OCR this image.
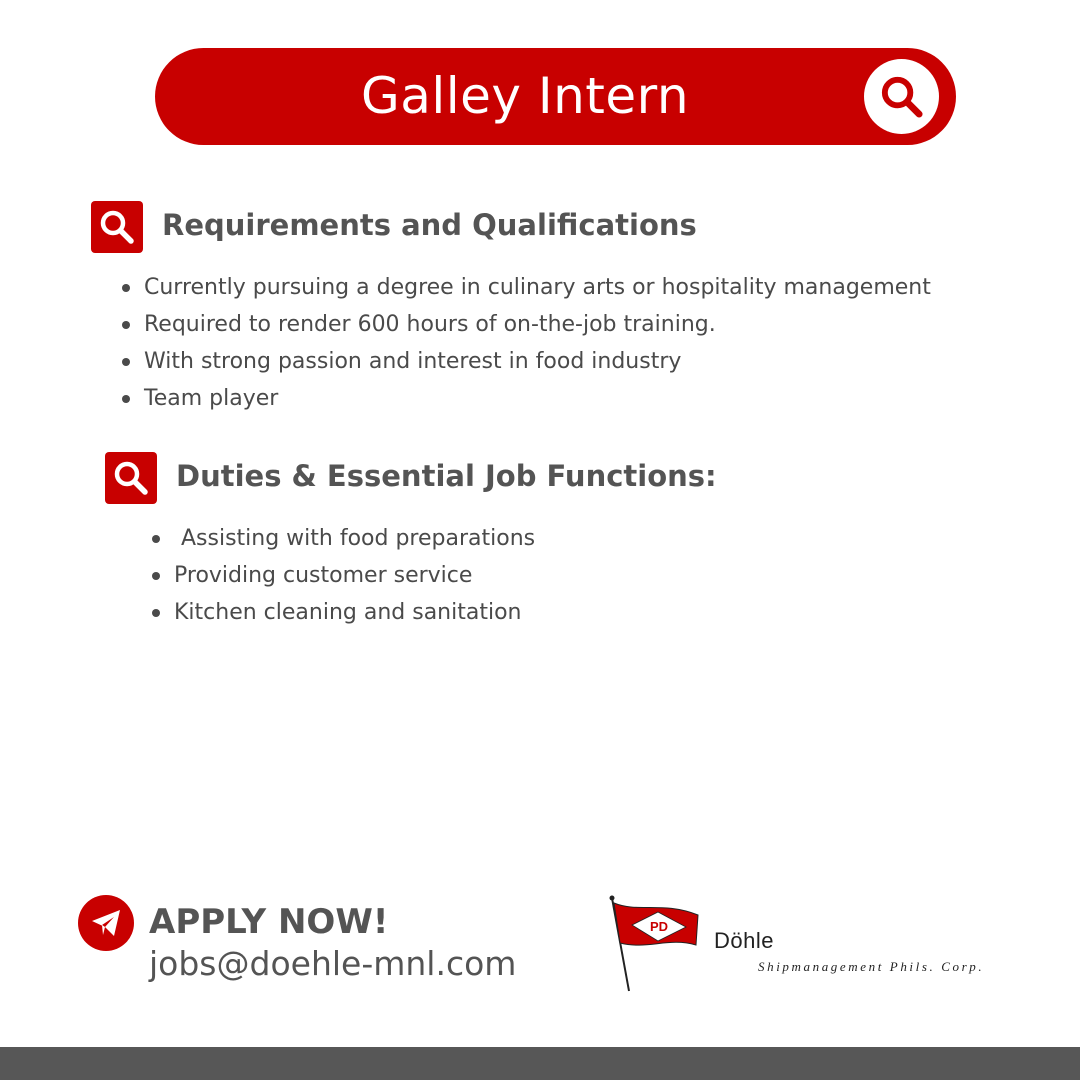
Galley Intern
Requirements and Qualifications
Currently pursuing a degree in culinary arts or hospitality management
Required to render 600 hours of on-the-job training.
With strong passion and interest in food industry
Team player
Duties & Essential Job Functions:
Assisting with food preparations
Providing customer service
Kitchen cleaning and sanitation
APPLY NOW!
jobs@doehle-mnl.com
PD
Döhle
Shipmanagement Phils. Corp.
